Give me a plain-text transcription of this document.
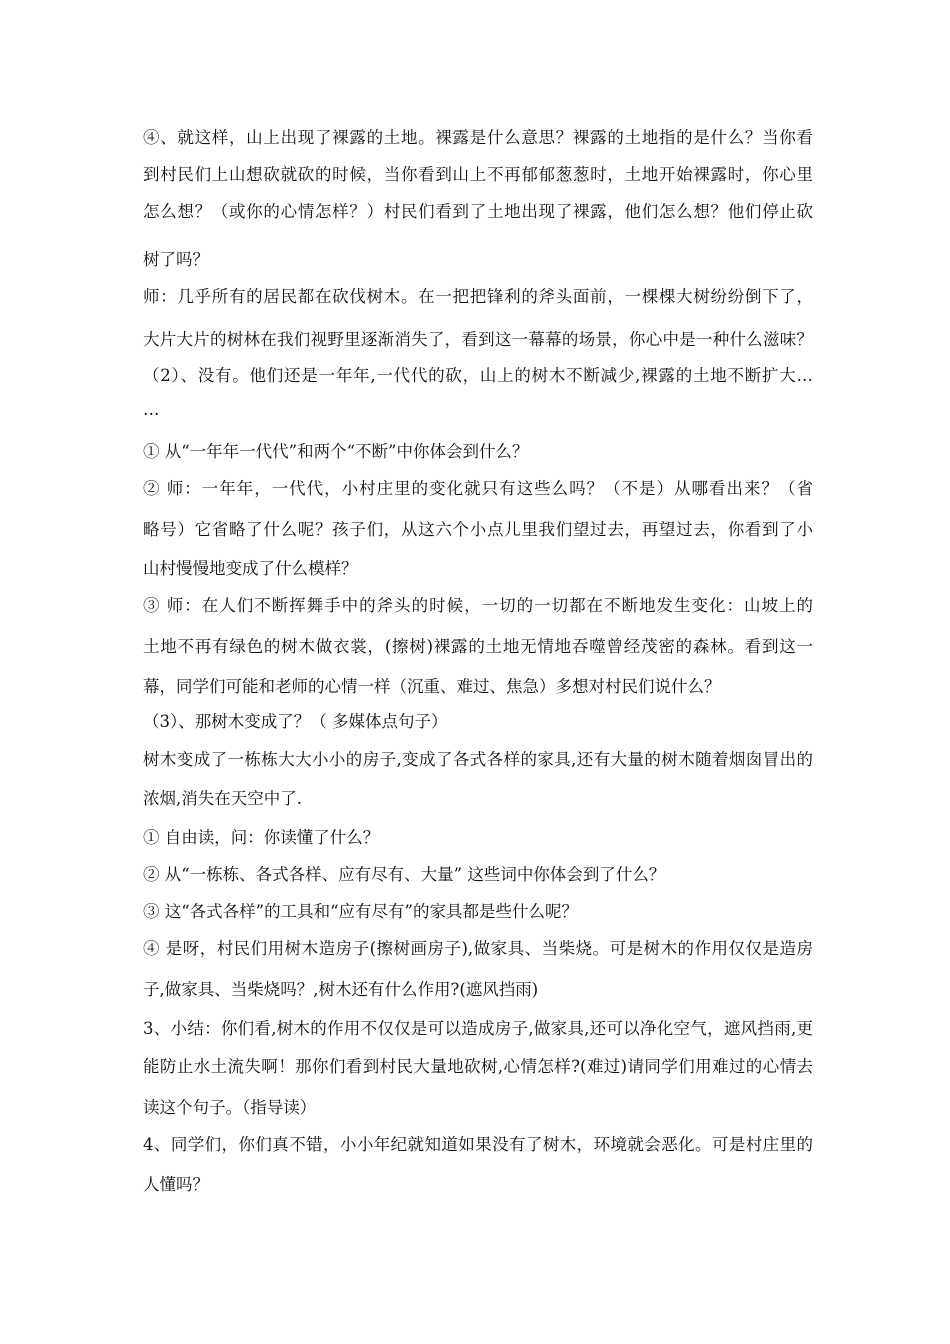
④、就这样，山上出现了裸露的土地。裸露是什么意思？裸露的土地指的是什么？当你看
到村民们上山想砍就砍的时候，当你看到山上不再郁郁葱葱时，土地开始裸露时，你心里
怎么想？（或你的心情怎样？）村民们看到了土地出现了裸露，他们怎么想？他们停止砍
树了吗？
师：几乎所有的居民都在砍伐树木。在一把把锋利的斧头面前，一棵棵大树纷纷倒下了，
大片大片的树林在我们视野里逐渐消失了，看到这一幕幕的场景，你心中是一种什么滋味？
（2）、没有。他们还是一年年,一代代的砍，山上的树木不断减少,裸露的土地不断扩大…
…
① 从“一年年一代代”和两个“不断”中你体会到什么？
② 师：一年年，一代代，小村庄里的变化就只有这些么吗？（不是）从哪看出来？（省
略号）它省略了什么呢？孩子们，从这六个小点儿里我们望过去，再望过去，你看到了小
山村慢慢地变成了什么模样？
③ 师：在人们不断挥舞手中的斧头的时候，一切的一切都在不断地发生变化：山坡上的
土地不再有绿色的树木做衣裳，(擦树)裸露的土地无情地吞噬曾经茂密的森林。看到这一
幕，同学们可能和老师的心情一样（沉重、难过、焦急）多想对村民们说什么？
（3）、那树木变成了？（ 多媒体点句子）
树木变成了一栋栋大大小小的房子,变成了各式各样的家具,还有大量的树木随着烟囱冒出的
浓烟,消失在天空中了.
① 自由读，问：你读懂了什么？
② 从“一栋栋、各式各样、应有尽有、大量” 这些词中你体会到了什么？
③ 这“各式各样”的工具和“应有尽有”的家具都是些什么呢？
④ 是呀，村民们用树木造房子(擦树画房子),做家具、当柴烧。可是树木的作用仅仅是造房
子,做家具、当柴烧吗？,树木还有什么作用?(遮风挡雨)
3、小结：你们看,树木的作用不仅仅是可以造成房子,做家具,还可以净化空气，遮风挡雨,更
能防止水土流失啊！那你们看到村民大量地砍树,心情怎样?(难过)请同学们用难过的心情去
读这个句子。（指导读）
4、同学们，你们真不错，小小年纪就知道如果没有了树木，环境就会恶化。可是村庄里的
人懂吗？
